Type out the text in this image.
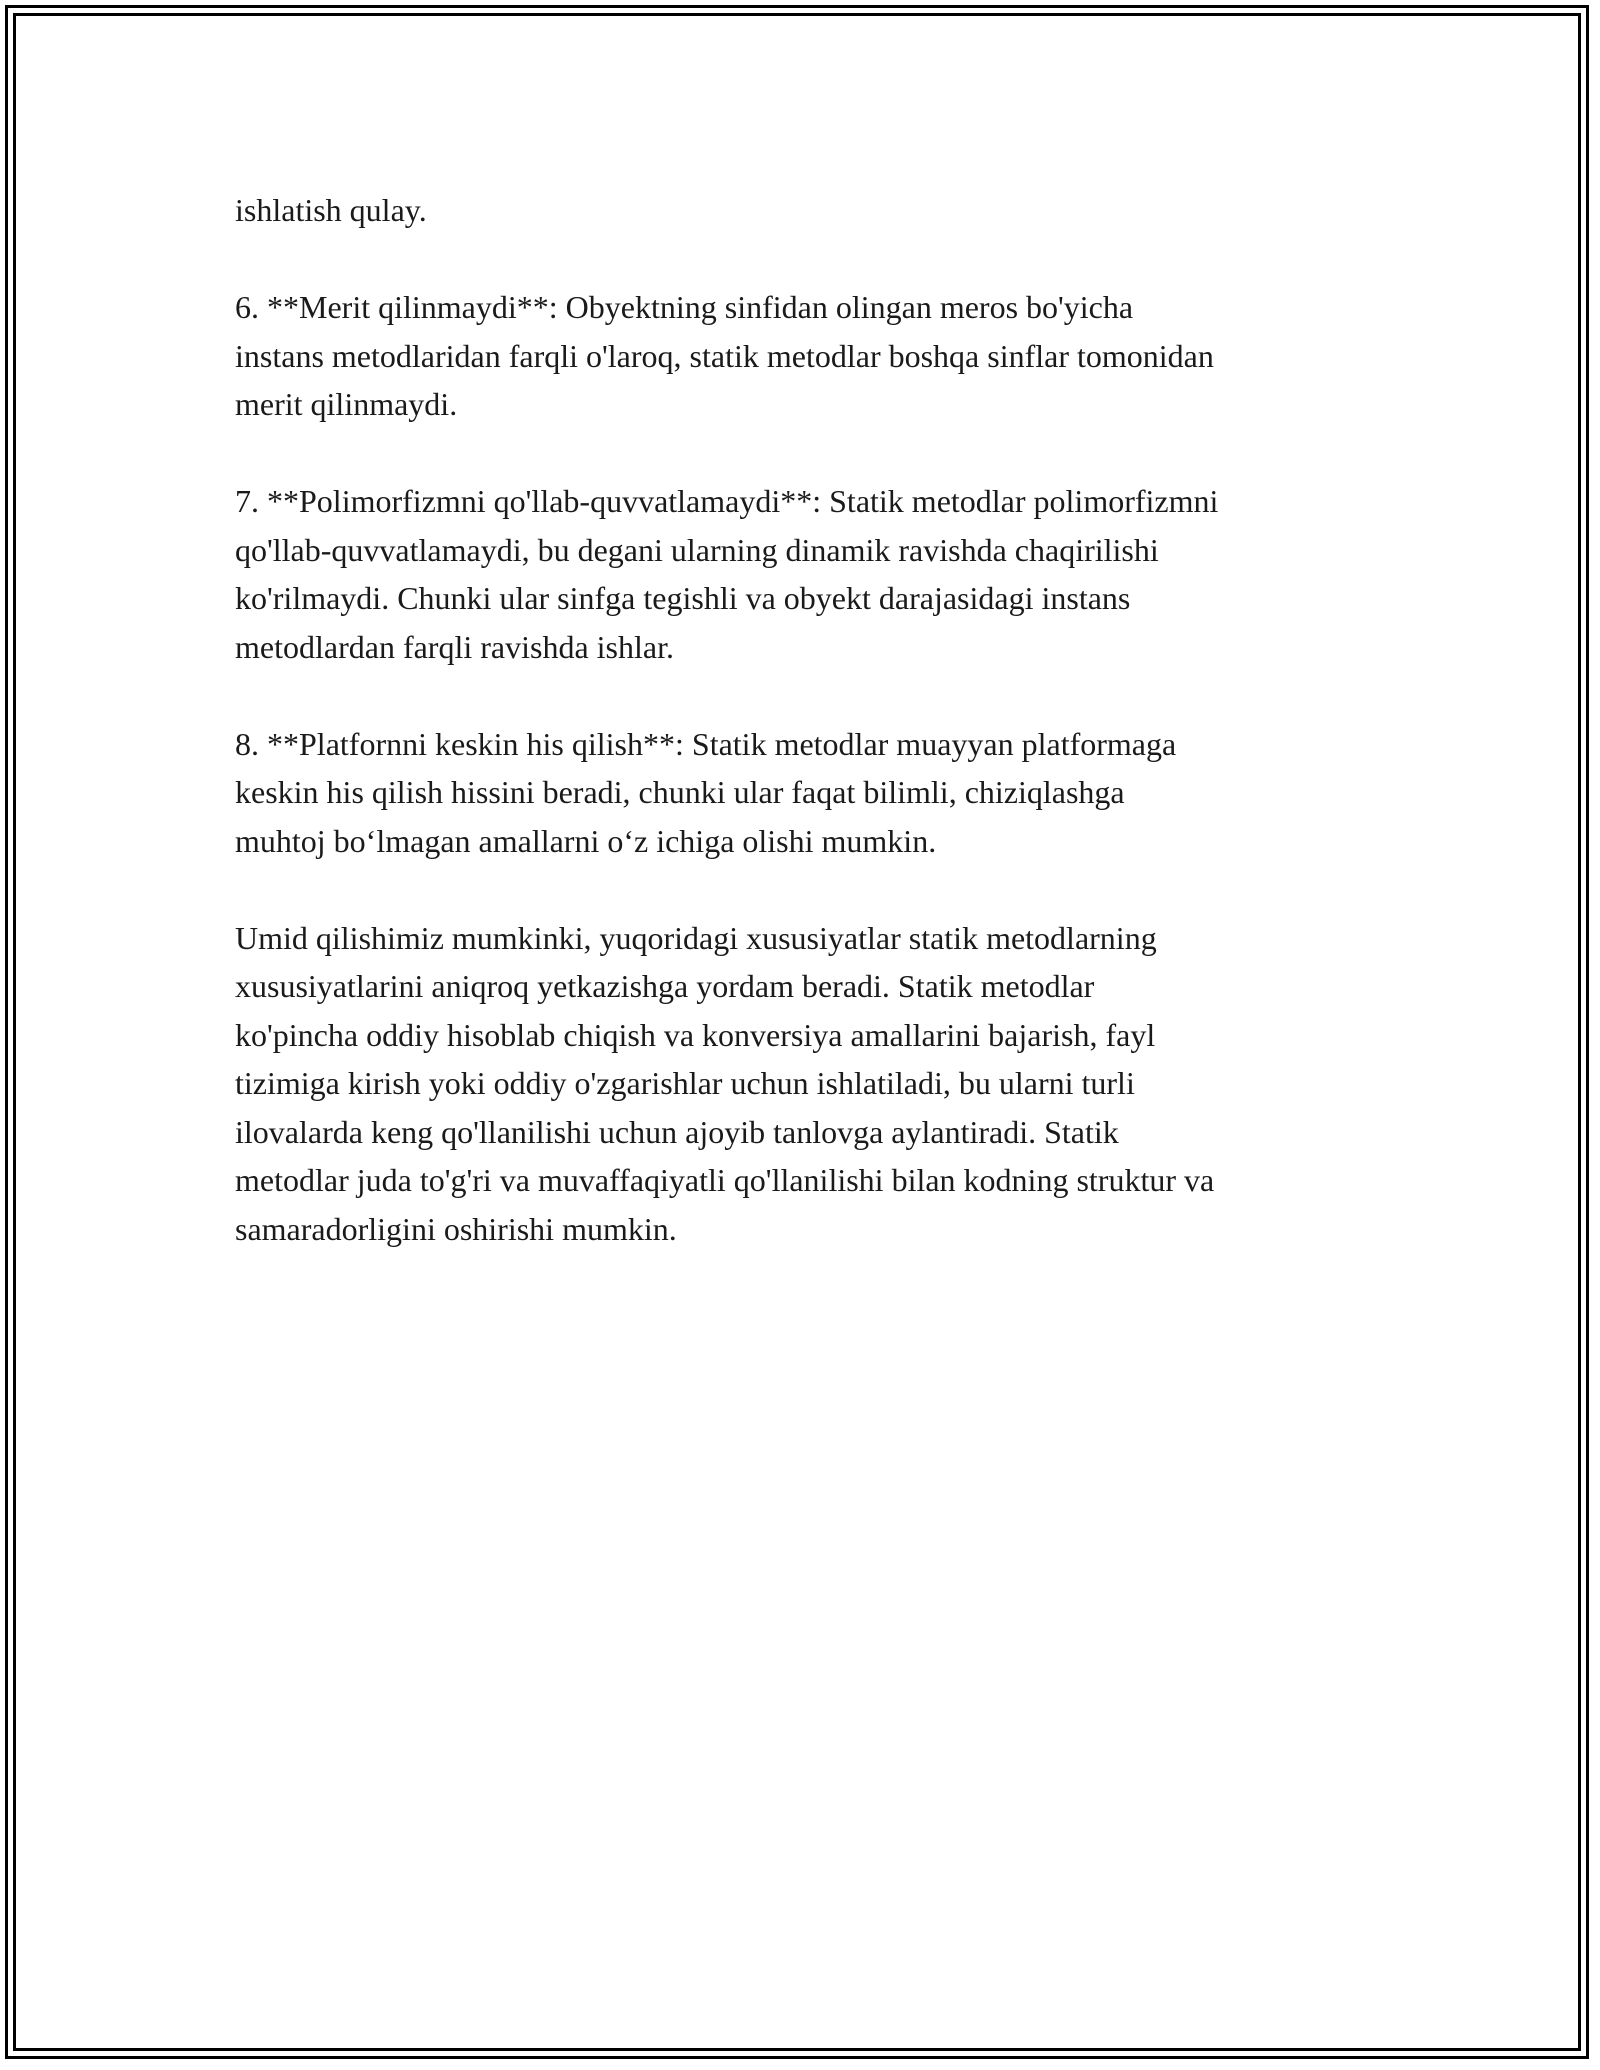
ishlatish qulay.

6. **Merit qilinmaydi**: Obyektning sinfidan olingan meros bo'yicha
instans metodlaridan farqli o'laroq, statik metodlar boshqa sinflar tomonidan
merit qilinmaydi.

7. **Polimorfizmni qo'llab-quvvatlamaydi**: Statik metodlar polimorfizmni
qo'llab-quvvatlamaydi, bu degani ularning dinamik ravishda chaqirilishi
ko'rilmaydi. Chunki ular sinfga tegishli va obyekt darajasidagi instans
metodlardan farqli ravishda ishlar.

8. **Platfornni keskin his qilish**: Statik metodlar muayyan platformaga
keskin his qilish hissini beradi, chunki ular faqat bilimli, chiziqlashga
muhtoj bo‘lmagan amallarni o‘z ichiga olishi mumkin.

Umid qilishimiz mumkinki, yuqoridagi xususiyatlar statik metodlarning
xususiyatlarini aniqroq yetkazishga yordam beradi. Statik metodlar
ko'pincha oddiy hisoblab chiqish va konversiya amallarini bajarish, fayl
tizimiga kirish yoki oddiy o'zgarishlar uchun ishlatiladi, bu ularni turli
ilovalarda keng qo'llanilishi uchun ajoyib tanlovga aylantiradi. Statik
metodlar juda to'g'ri va muvaffaqiyatli qo'llanilishi bilan kodning struktur va
samaradorligini oshirishi mumkin.
